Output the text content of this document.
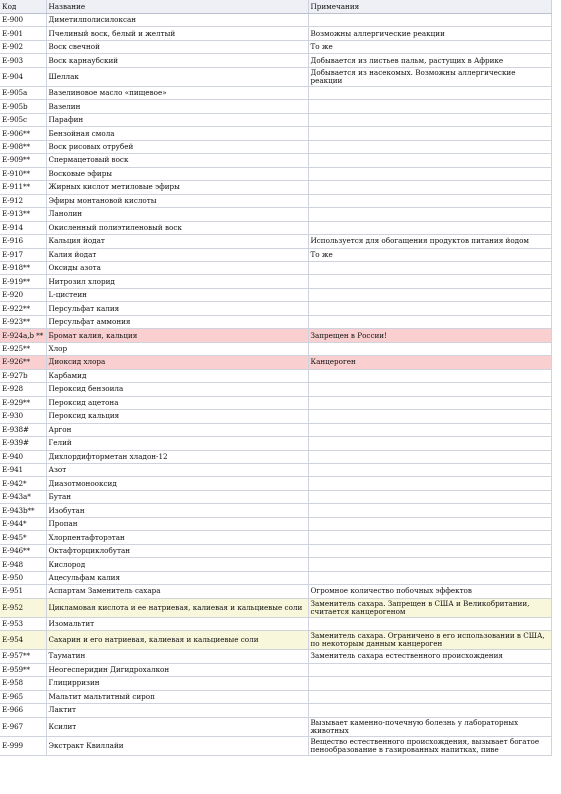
Код	Название	Примечания
E-900	Диметилполисилоксан	
E-901	Пчелиный воск, белый и желтый	Возможны аллергические реакции
E-902	Воск свечной	То же
E-903	Воск карнаубский	Добывается из листьев пальм, растущих в Африке
E-904	Шеллак	Добывается из насекомых. Возможны аллергические реакции
E-905a	Вазелиновое масло «пищевое»	
E-905b	Вазелин	
E-905c	Парафин	
E-906**	Бензойная смола	
E-908**	Воск рисовых отрубей	
E-909**	Спермацетовый воск	
E-910**	Восковые эфиры	
E-911**	Жирных кислот метиловые эфиры	
E-912	Эфиры монтановой кислоты	
E-913**	Ланолин	
E-914	Окисленный полиэтиленовый воск	
E-916	Кальция йодат	Используется для обогащения продуктов питания йодом
E-917	Калия йодат	То же
E-918**	Оксиды азота	
E-919**	Нитрозил хлорид	
E-920	L-цистеин	
E-922**	Персульфат калия	
E-923**	Персульфат аммония	
E-924a,b **	Бромат калия, кальция	Запрещен в России!
E-925**	Хлор	
E-926**	Диоксид хлора	Канцероген
E-927b	Карбамид	
E-928	Пероксид бензоила	
E-929**	Пероксид ацетона	
E-930	Пероксид кальция	
E-938#	Аргон	
E-939#	Гелий	
E-940	Дихлордифторметан хладон-12	
E-941	Азот	
E-942*	Диазотмонооксид	
E-943a*	Бутан	
E-943b**	Изобутан	
E-944*	Пропан	
E-945*	Хлорпентафторэтан	
E-946**	Октафторциклобутан	
E-948	Кислород	
E-950	Ацесульфам калия	
E-951	Аспартам Заменитель сахара	Огромное количество побочных эффектов
E-952	Цикламовая кислота и ее натриевая, калиевая и кальциевые соли	Заменитель сахара. Запрещен в США и Великобритании, считается канцерогеном
E-953	Изомальтит	
E-954	Сахарин и его натриевая, калиевая и кальциевые соли	Заменитель сахара. Ограничено в его использовании в США, по некоторым данным канцероген
E-957**	Тауматин	Заменитель сахара естественного происхождения
E-959**	Неогесперидин Дигидрохалкон	
E-958	Глицирризин	
E-965	Мальтит мальтитный сироп	
E-966	Лактит	
E-967	Ксилит	Вызывает каменно-почечную болезнь у лабораторных животных
E-999	Экстракт Квиллайи	Вещество естественного происхождения, вызывает богатое пенообразование в газированных напитках, пиве
